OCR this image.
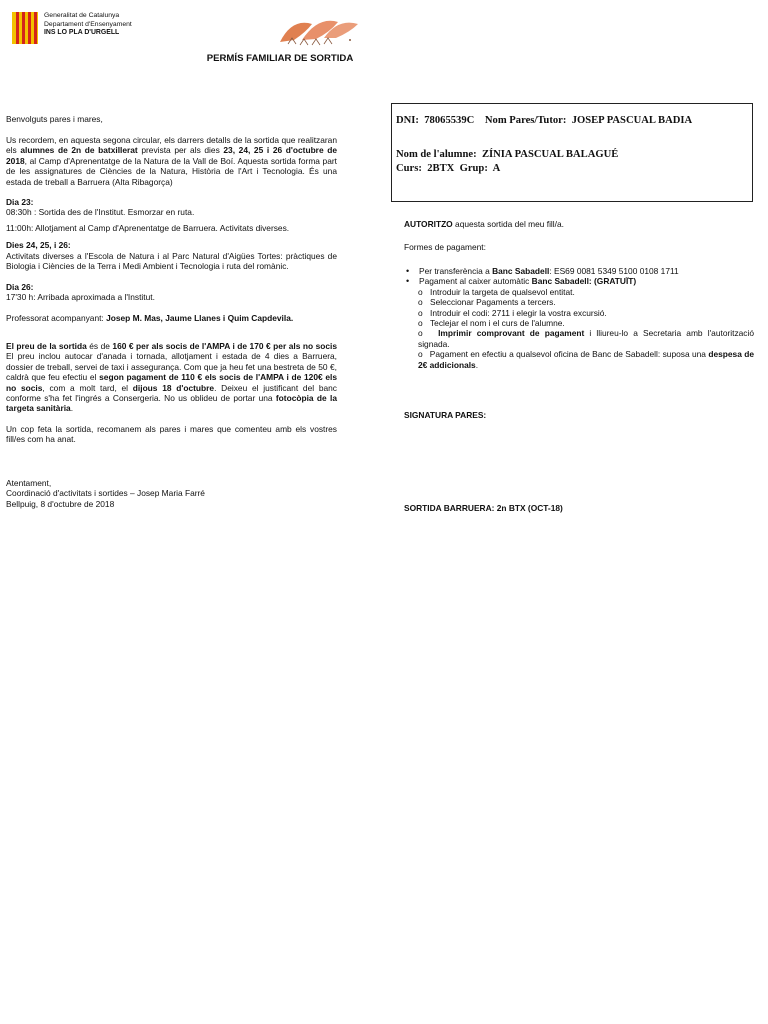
Generalitat de Catalunya
Departament d'Ensenyament
INS LO PLA D'URGELL
PERMÍS FAMILIAR DE SORTIDA
Benvolguts pares i mares,
Us recordem, en aquesta segona circular, els darrers detalls de la sortida que realitzaran els alumnes de 2n de batxillerat prevista per als dies 23, 24, 25 i 26 d'octubre de 2018, al Camp d'Aprenentatge de la Natura de la Vall de Boí. Aquesta sortida forma part de les assignatures de Ciències de la Natura, Història de l'Art i Tecnologia. És una estada de treball a Barruera (Alta Ribagorça)
Dia 23:
08:30h : Sortida des de l'Institut. Esmorzar en ruta.
11:00h: Allotjament al Camp d'Aprenentatge de Barruera. Activitats diverses.
Dies 24, 25, i 26:
Activitats diverses a l'Escola de Natura i al Parc Natural d'Aigües Tortes: pràctiques de Biologia i Ciències de la Terra i Medi Ambient i Tecnologia i ruta del romànic.
Dia 26:
17'30 h: Arribada aproximada a l'Institut.
Professorat acompanyant: Josep M. Mas, Jaume Llanes i Quim Capdevila.
El preu de la sortida és de 160 € per als socis de l'AMPA i de 170 € per als no socis El preu inclou autocar d'anada i tornada, allotjament i estada de 4 dies a Barruera, dossier de treball, servei de taxi i assegurança. Com que ja heu fet una bestreta de 50 €, caldrà que feu efectiu el segon pagament de 110 € els socis de l'AMPA i de 120€ els no socis, com a molt tard, el dijous 18 d'octubre. Deixeu el justificant del banc conforme s'ha fet l'ingrés a Consergeria. No us oblideu de portar una fotocòpia de la targeta sanitària.
Un cop feta la sortida, recomanem als pares i mares que comenteu amb els vostres fill/es com ha anat.
Atentament,
Coordinació d'activitats i sortides – Josep Maria Farré
Bellpuig, 8 d'octubre de 2018
DNI: 78065539C Nom Pares/Tutor: JOSEP PASCUAL BADIA
Nom de l'alumne: ZÍNIA PASCUAL BALAGUÉ
Curs: 2BTX Grup: A
AUTORITZO aquesta sortida del meu fill/a.
Formes de pagament:
• Per transferència a Banc Sabadell: ES69 0081 5349 5100 0108 1711
• Pagament al caixer automàtic Banc Sabadell: (GRATUÏT)
o Introduir la targeta de qualsevol entitat.
o Seleccionar Pagaments a tercers.
o Introduir el codi: 2711 i elegir la vostra excursió.
o Teclejar el nom i el curs de l'alumne.
o   Imprimir comprovant de pagament i lliureu-lo a Secretaria amb l'autorització signada.
o   Pagament en efectiu a qualsevol oficina de Banc de Sabadell: suposa una despesa de 2€ addicionals.
SIGNATURA PARES:
SORTIDA BARRUERA: 2n BTX (OCT-18)
